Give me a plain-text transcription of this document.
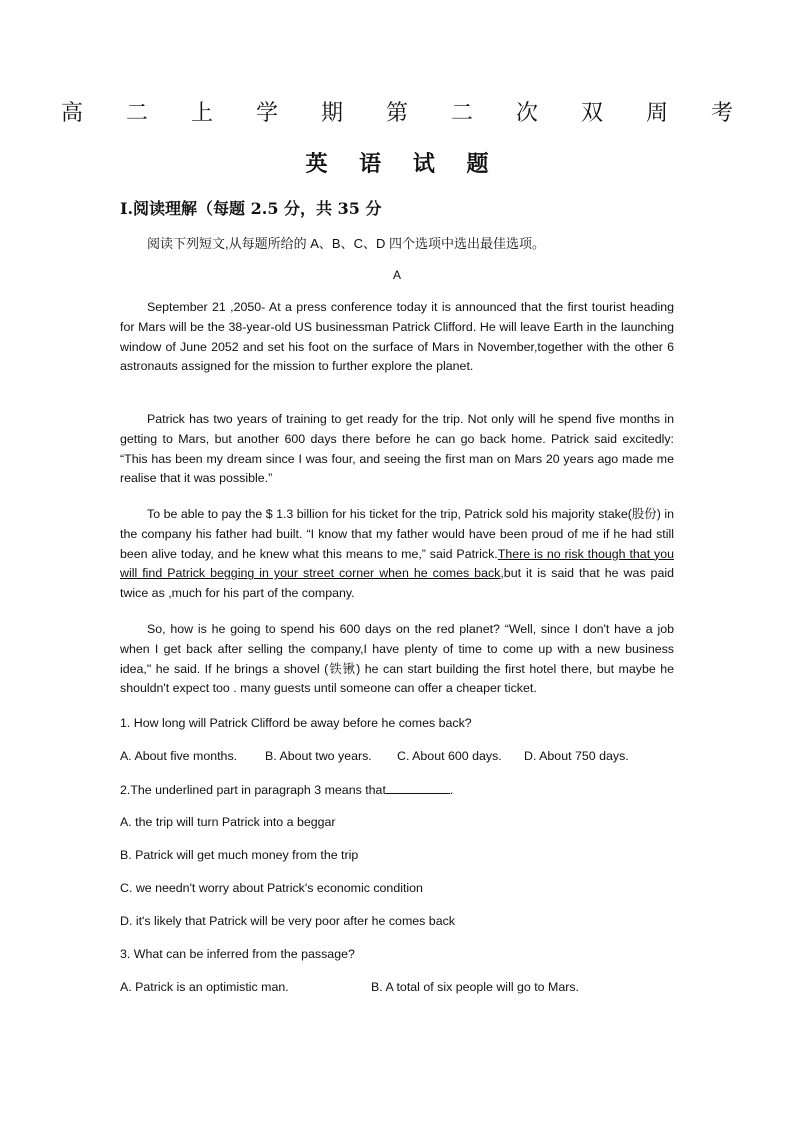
高 二 上 学 期 第 二 次 双 周 考
英 语 试 题
Ⅰ.阅读理解（每题 2.5 分，共 35 分
阅读下列短文,从每题所给的 A、B、C、D 四个选项中选出最佳选项。
A

September 21 ,2050- At a press conference today it is announced that the first tourist heading for Mars will be the 38-year-old US businessman Patrick Clifford. He will leave Earth in the launching window of June 2052 and set his foot on the surface of Mars in November,together with the other 6 astronauts assigned for the mission to further explore the planet.

Patrick has two years of training to get ready for the trip. Not only will he spend five months in getting to Mars, but another 600 days there before he can go back home. Patrick said excitedly: “This has been my dream since I was four, and seeing the first man on Mars 20 years ago made me realise that it was possible.”

To be able to pay the $ 1.3 billion for his ticket for the trip, Patrick sold his majority stake(股份) in the company his father had built. “I know that my father would have been proud of me if he had still been alive today, and he knew what this means to me,” said Patrick.There is no risk though that you will find Patrick begging in your street corner when he comes back,but it is said that he was paid twice as ,much for his part of the company.

So, how is he going to spend his 600 days on the red planet? “Well, since I don't have a job when I get back after selling the company,I have plenty of time to come up with a new business idea," he said. If he brings a shovel (铁锹) he can start building the first hotel there, but maybe he shouldn't expect too . many guests until someone can offer a cheaper ticket.

1. How long will Patrick Clifford be away before he comes back?
A. About five months. B. About two years. C. About 600 days. D. About 750 days.
2.The underlined part in paragraph 3 means that	.
A. the trip will turn Patrick into a beggar
B. Patrick will get much money from the trip
C. we needn't worry about Patrick's economic condition
D. it's likely that Patrick will be very poor after he comes back
3. What can be inferred from the passage?
A. Patrick is an optimistic man.	B. A total of six people will go to Mars.
